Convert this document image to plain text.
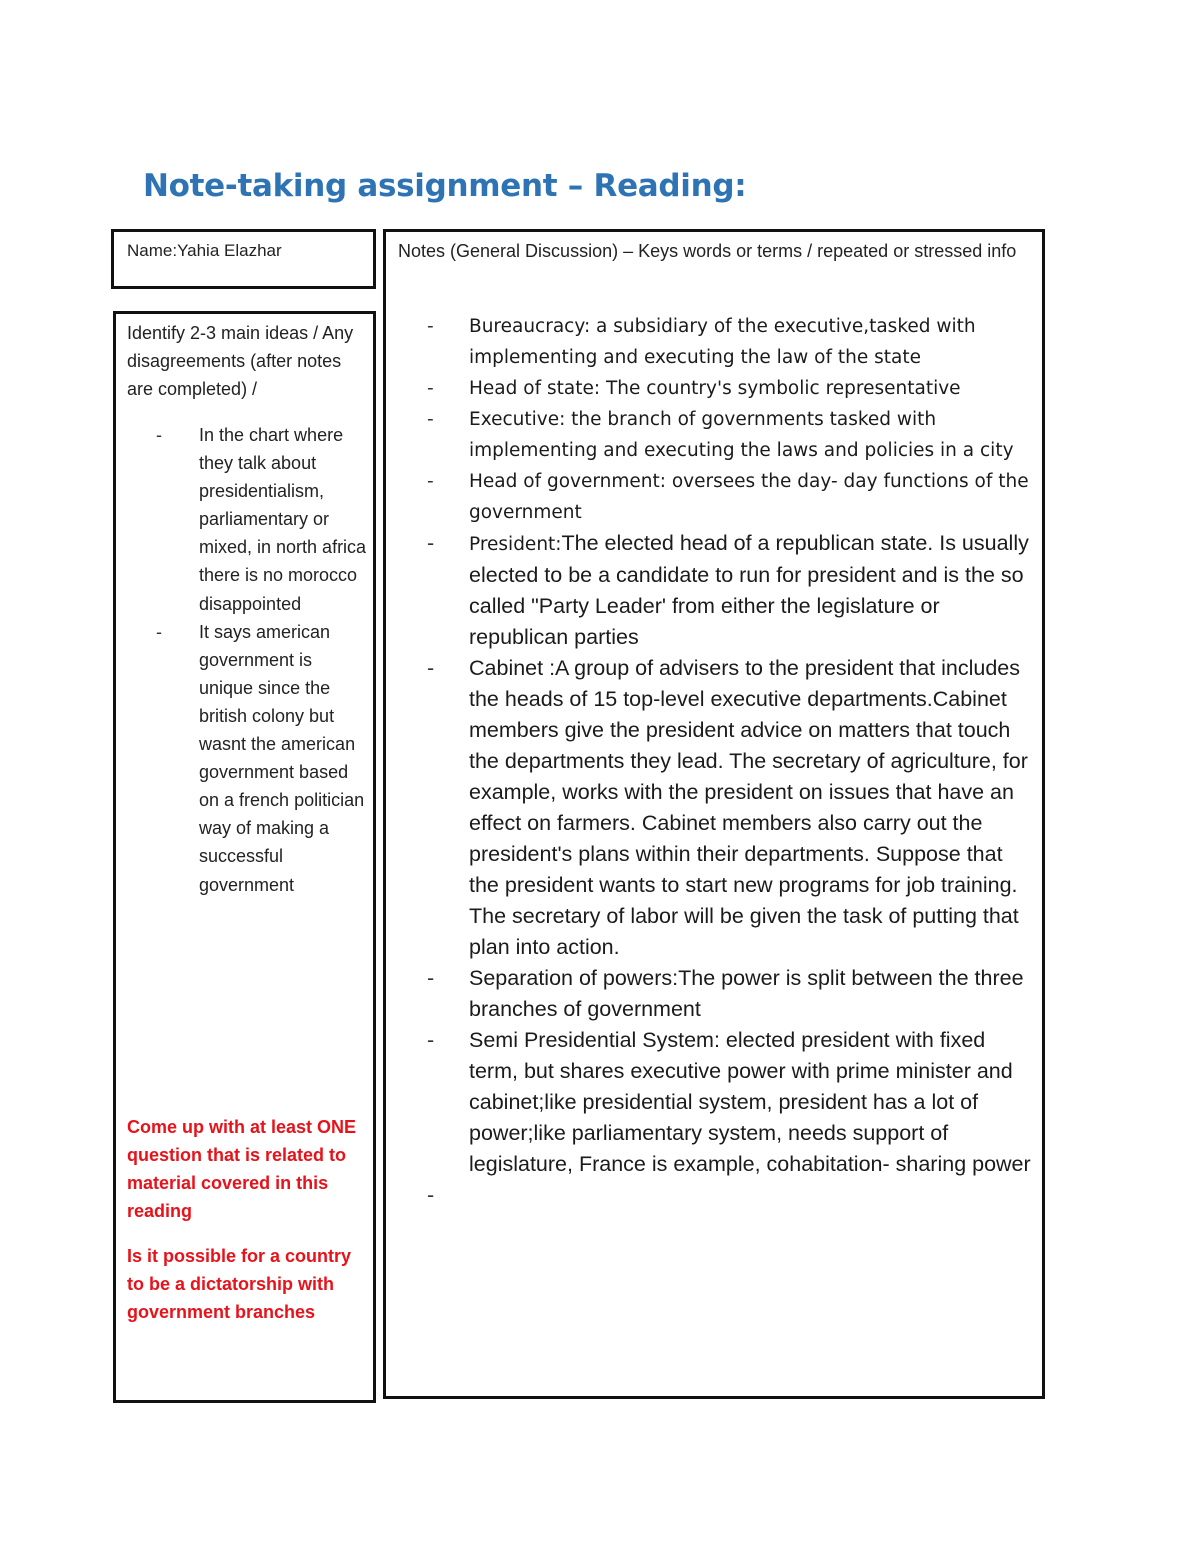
Note-taking assignment – Reading:
Name:Yahia Elazhar
Identify 2-3 main ideas / Any disagreements (after notes are completed) /
- In the chart where they talk about presidentialism, parliamentary or mixed, in north africa there is no morocco disappointed
- It says american government is unique since the british colony but wasnt the american government based on a french politician way of making a successful government
Come up with at least ONE question that is related to material covered in this reading
Is it possible for a country to be a dictatorship with government branches
Notes (General Discussion) – Keys words or terms / repeated or stressed info
- Bureaucracy: a subsidiary of the executive,tasked with implementing and executing the law of the state
- Head of state: The country's symbolic representative
- Executive: the branch of governments tasked with implementing and executing the laws and policies in a city
- Head of government: oversees the day- day functions of the government
- President:The elected head of a republican state. Is usually elected to be a candidate to run for president and is the so called "Party Leader' from either the legislature or republican parties
- Cabinet :A group of advisers to the president that includes the heads of 15 top-level executive departments.Cabinet members give the president advice on matters that touch the departments they lead. The secretary of agriculture, for example, works with the president on issues that have an effect on farmers. Cabinet members also carry out the president's plans within their departments. Suppose that the president wants to start new programs for job training. The secretary of labor will be given the task of putting that plan into action.
- Separation of powers:The power is split between the three branches of government
- Semi Presidential System: elected president with fixed term, but shares executive power with prime minister and cabinet;like presidential system, president has a lot of power;like parliamentary system, needs support of legislature, France is example, cohabitation- sharing power
-
